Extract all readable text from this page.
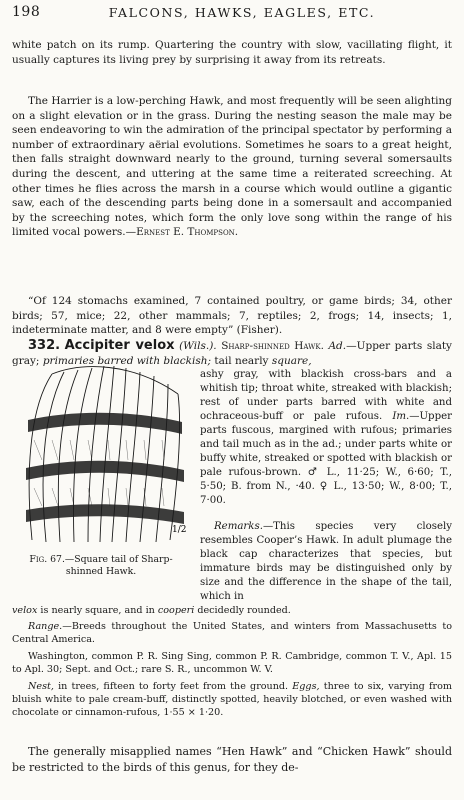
198	FALCONS, HAWKS, EAGLES, ETC.

white patch on its rump. Quartering the country with slow, vacillating flight, it usually captures its living prey by surprising it away from its retreats.

The Harrier is a low-perching Hawk, and most frequently will be seen alighting on a slight elevation or in the grass. During the nesting season the male may be seen endeavoring to win the admiration of the principal spectator by performing a number of extraordinary aërial evolutions. Sometimes he soars to a great height, then falls straight downward nearly to the ground, turning several somersaults during the descent, and uttering at the same time a reiterated screeching. At other times he flies across the marsh in a course which would outline a gigantic saw, each of the descending parts being done in a somersault and accompanied by the screeching notes, which form the only love song within the range of his limited vocal powers.—Ernest E. Thompson.

“Of 124 stomachs examined, 7 contained poultry, or game birds; 34, other birds; 57, mice; 22, other mammals; 7, reptiles; 2, frogs; 14, insects; 1, indeterminate matter, and 8 were empty” (Fisher).

332. Accipiter velox (Wils.). Sharp-shinned Hawk. Ad.—Upper parts slaty gray; primaries barred with blackish; tail nearly square,

1/2

Fig. 67.—Square tail of Sharp-shinned Hawk.

ashy gray, with blackish cross-bars and a whitish tip; throat white, streaked with blackish; rest of under parts barred with white and ochraceous-buff or pale rufous. Im.—Upper parts fuscous, margined with rufous; primaries and tail much as in the ad.; under parts white or buffy white, streaked or spotted with blackish or pale rufous-brown. ♂ L., 11·25; W., 6·60; T., 5·50; B. from N., ·40. ♀ L., 13·50; W., 8·00; T., 7·00.

Remarks.—This species very closely resembles Cooper’s Hawk. In adult plumage the black cap characterizes that species, but immature birds may be distinguished only by size and the difference in the shape of the tail, which in

velox is nearly square, and in cooperi decidedly rounded.

Range.—Breeds throughout the United States, and winters from Massachusetts to Central America.

Washington, common P. R. Sing Sing, common P. R. Cambridge, common T. V., Apl. 15 to Apl. 30; Sept. and Oct.; rare S. R., uncommon W. V.

Nest, in trees, fifteen to forty feet from the ground. Eggs, three to six, varying from bluish white to pale cream-buff, distinctly spotted, heavily blotched, or even washed with chocolate or cinnamon-rufous, 1·55 × 1·20.

The generally misapplied names “Hen Hawk” and “Chicken Hawk” should be restricted to the birds of this genus, for they de-
